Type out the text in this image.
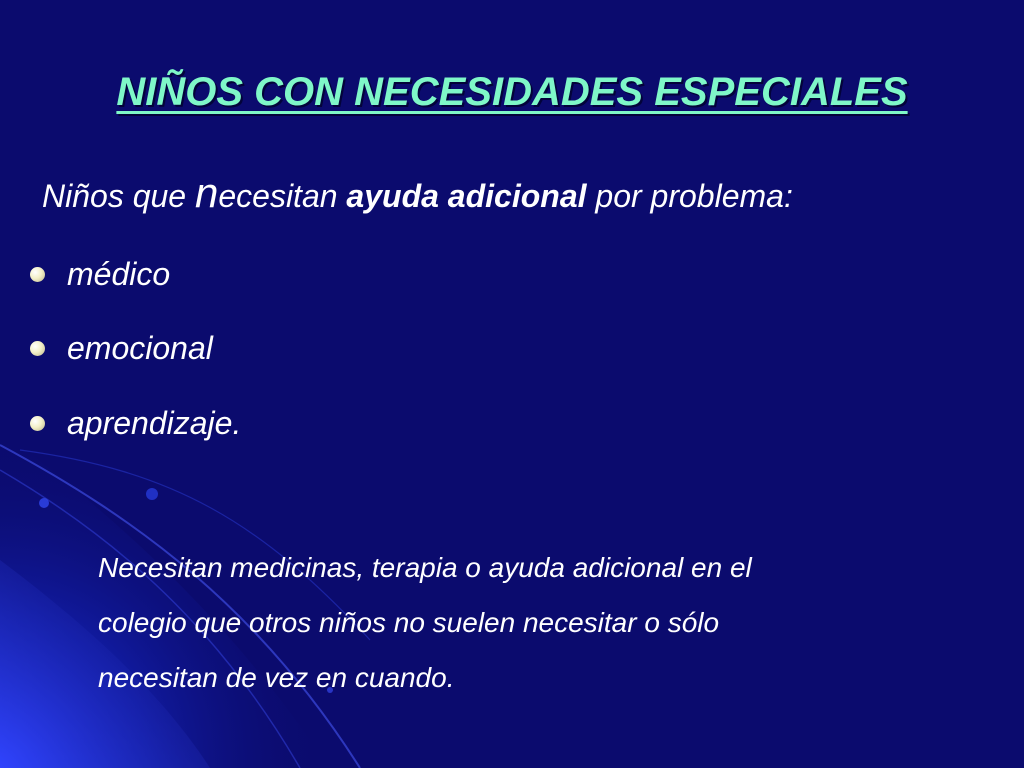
NIÑOS CON NECESIDADES ESPECIALES
Niños que necesitan ayuda adicional por problema:
médico
emocional
aprendizaje.
Necesitan medicinas, terapia o ayuda adicional en el
colegio que otros niños no suelen necesitar o sólo
necesitan de vez en cuando.
